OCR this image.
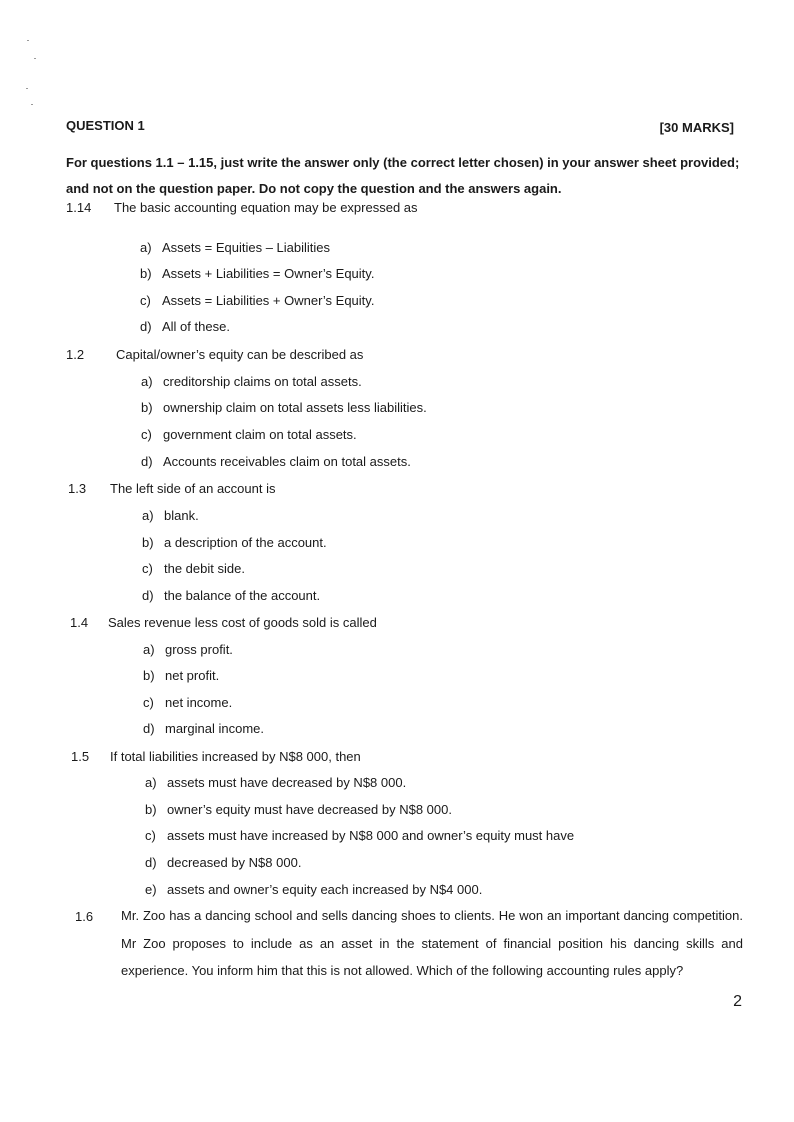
QUESTION 1	[30 MARKS]
For questions 1.1 – 1.15, just write the answer only (the correct letter chosen) in your answer sheet provided;
and not on the question paper. Do not copy the question and the answers again.
1.14 The basic accounting equation may be expressed as
a) Assets = Equities – Liabilities
b) Assets + Liabilities = Owner’s Equity.
c) Assets = Liabilities + Owner’s Equity.
d) All of these.
1.2 Capital/owner’s equity can be described as
a) creditorship claims on total assets.
b) ownership claim on total assets less liabilities.
c) government claim on total assets.
d) Accounts receivables claim on total assets.
1.3 The left side of an account is
a) blank.
b) a description of the account.
c) the debit side.
d) the balance of the account.
1.4 Sales revenue less cost of goods sold is called
a) gross profit.
b) net profit.
c) net income.
d) marginal income.
1.5 If total liabilities increased by N$8 000, then
a) assets must have decreased by N$8 000.
b) owner’s equity must have decreased by N$8 000.
c) assets must have increased by N$8 000 and owner’s equity must have
d) decreased by N$8 000.
e) assets and owner’s equity each increased by N$4 000.
1.6 Mr. Zoo has a dancing school and sells dancing shoes to clients. He won an important dancing competition. Mr Zoo proposes to include as an asset in the statement of financial position his dancing skills and experience. You inform him that this is not allowed. Which of the following accounting rules apply?
2
